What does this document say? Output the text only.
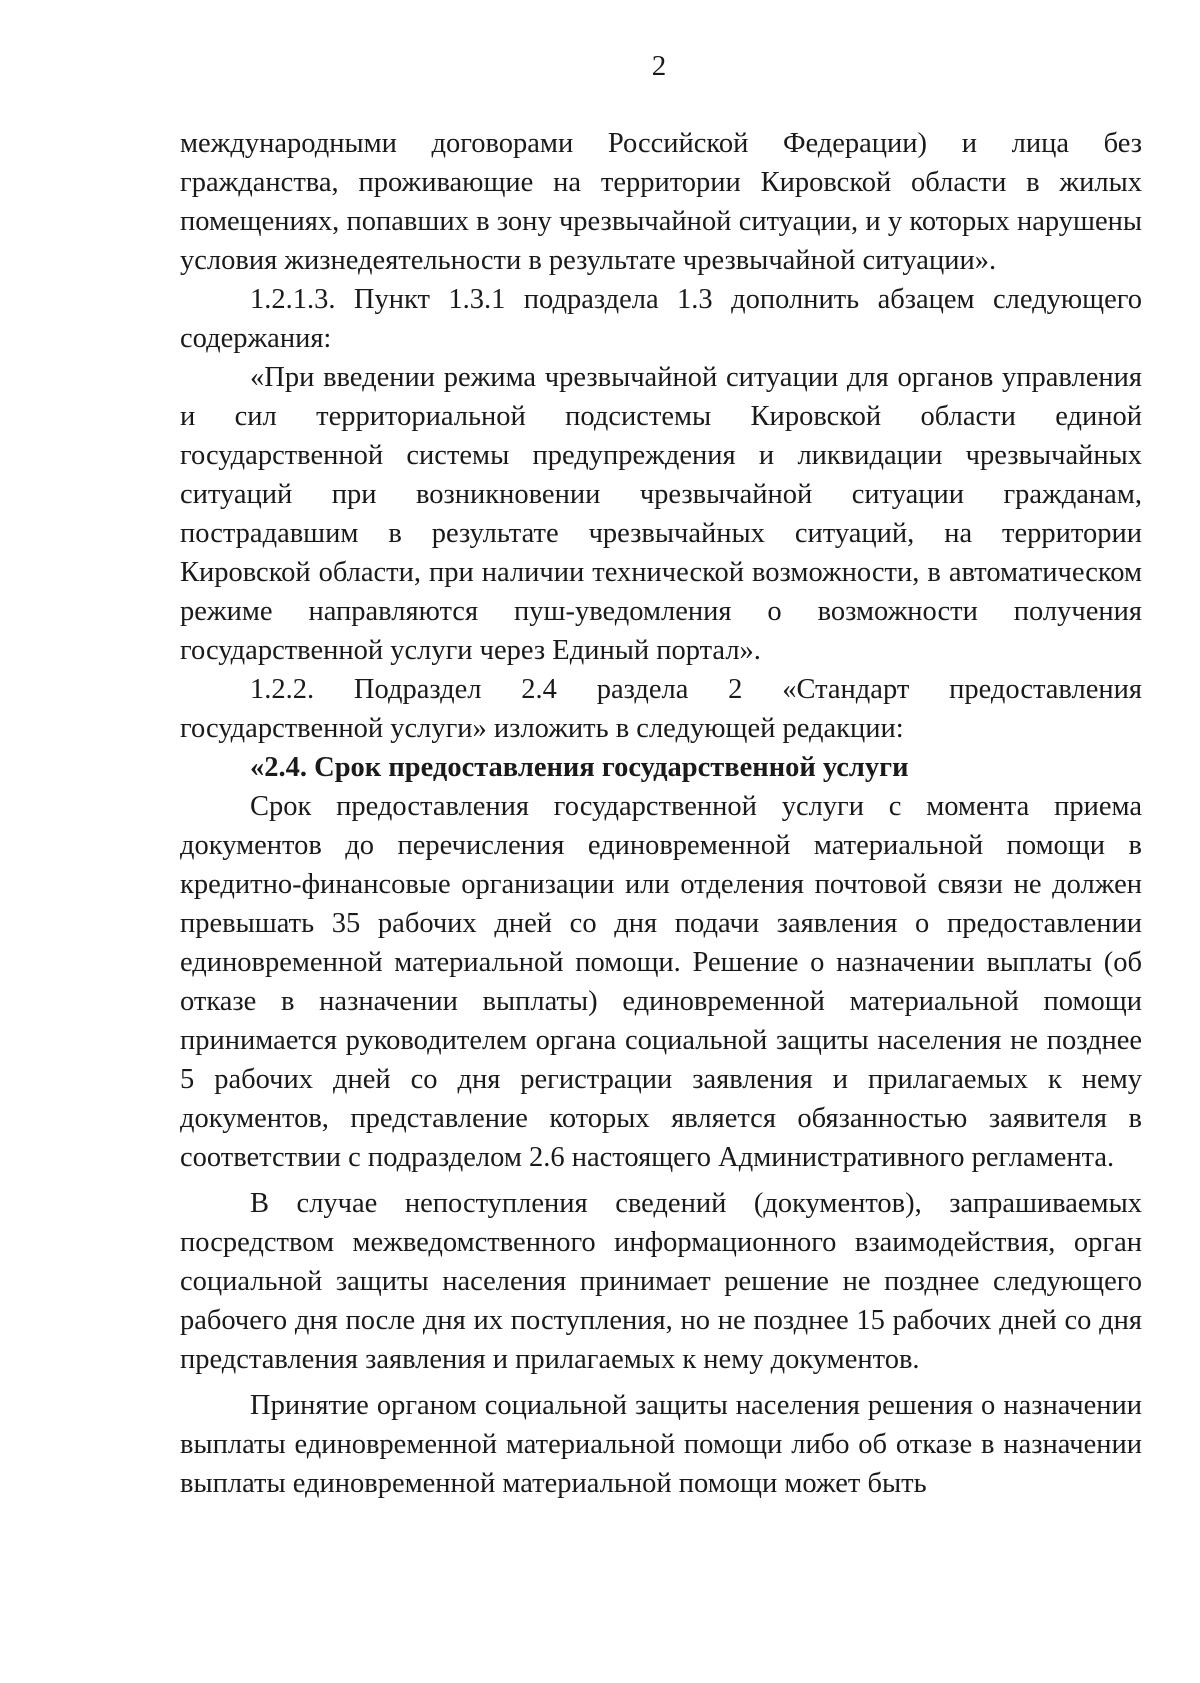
2

международными договорами Российской Федерации) и лица без гражданства, проживающие на территории Кировской области в жилых помещениях, попавших в зону чрезвычайной ситуации, и у которых нарушены условия жизнедеятельности в результате чрезвычайной ситуации».

1.2.1.3. Пункт 1.3.1 подраздела 1.3 дополнить абзацем следующего содержания:

«При введении режима чрезвычайной ситуации для органов управления и сил территориальной подсистемы Кировской области единой государственной системы предупреждения и ликвидации чрезвычайных ситуаций при возникновении чрезвычайной ситуации гражданам, пострадавшим в результате чрезвычайных ситуаций, на территории Кировской области, при наличии технической возможности, в автоматическом режиме направляются пуш-уведомления о возможности получения государственной услуги через Единый портал».

1.2.2. Подраздел 2.4 раздела 2 «Стандарт предоставления государственной услуги» изложить в следующей редакции:

«2.4. Срок предоставления государственной услуги

Срок предоставления государственной услуги с момента приема документов до перечисления единовременной материальной помощи в кредитно-финансовые организации или отделения почтовой связи не должен превышать 35 рабочих дней со дня подачи заявления о предоставлении единовременной материальной помощи. Решение о назначении выплаты (об отказе в назначении выплаты) единовременной материальной помощи принимается руководителем органа социальной защиты населения не позднее 5 рабочих дней со дня регистрации заявления и прилагаемых к нему документов, представление которых является обязанностью заявителя в соответствии с подразделом 2.6 настоящего Административного регламента.

В случае непоступления сведений (документов), запрашиваемых посредством межведомственного информационного взаимодействия, орган социальной защиты населения принимает решение не позднее следующего рабочего дня после дня их поступления, но не позднее 15 рабочих дней со дня представления заявления и прилагаемых к нему документов.

Принятие органом социальной защиты населения решения о назначении выплаты единовременной материальной помощи либо об отказе в назначении выплаты единовременной материальной помощи может быть
